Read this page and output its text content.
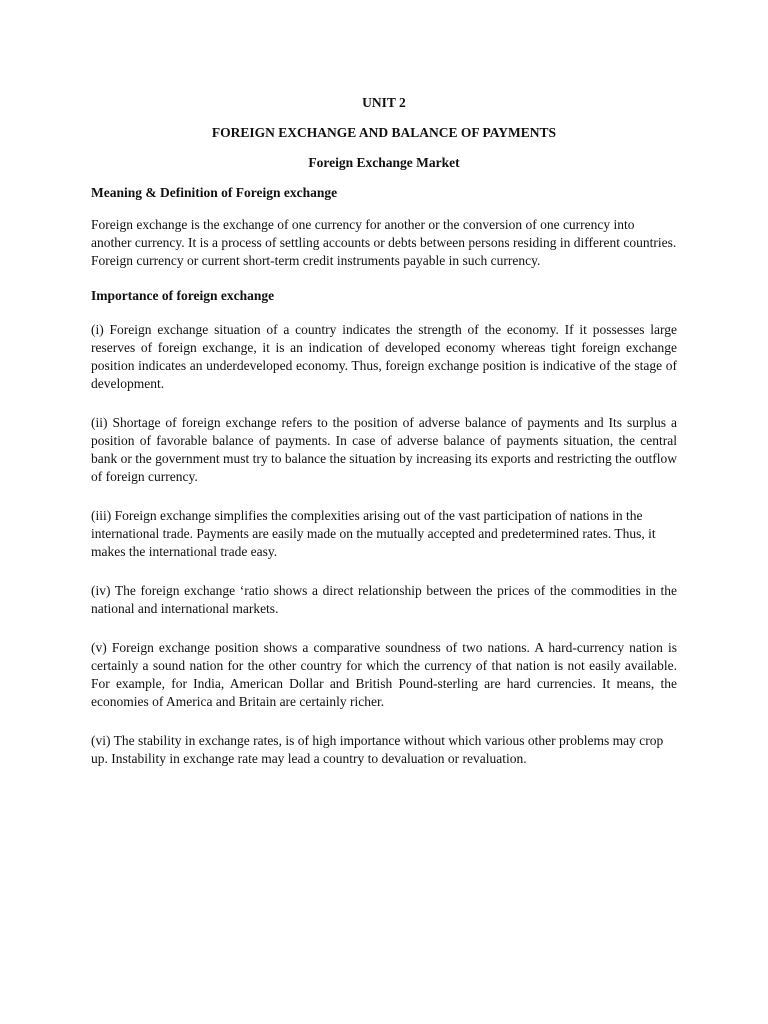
UNIT 2
FOREIGN EXCHANGE AND BALANCE OF PAYMENTS
Foreign Exchange Market
Meaning & Definition of Foreign exchange

Foreign exchange is the exchange of one currency for another or the conversion of one currency into another currency. It is a process of settling accounts or debts between persons residing in different countries. Foreign currency or current short-term credit instruments payable in such currency.

Importance of foreign exchange

(i) Foreign exchange situation of a country indicates the strength of the economy. If it possesses large reserves of foreign exchange, it is an indication of developed economy whereas tight foreign exchange position indicates an underdeveloped economy. Thus, foreign exchange position is indicative of the stage of development.

(ii) Shortage of foreign exchange refers to the position of adverse balance of payments and Its surplus a position of favorable balance of payments. In case of adverse balance of payments situation, the central bank or the government must try to balance the situation by increasing its exports and restricting the outflow of foreign currency.

(iii) Foreign exchange simplifies the complexities arising out of the vast participation of nations in the international trade. Payments are easily made on the mutually accepted and predetermined rates. Thus, it makes the international trade easy.

(iv) The foreign exchange ‘ratio shows a direct relationship between the prices of the commodities in the national and international markets.

(v) Foreign exchange position shows a comparative soundness of two nations. A hard-currency nation is certainly a sound nation for the other country for which the currency of that nation is not easily available. For example, for India, American Dollar and British Pound-sterling are hard currencies. It means, the economies of America and Britain are certainly richer.

(vi) The stability in exchange rates, is of high importance without which various other problems may crop up. Instability in exchange rate may lead a country to devaluation or revaluation.
